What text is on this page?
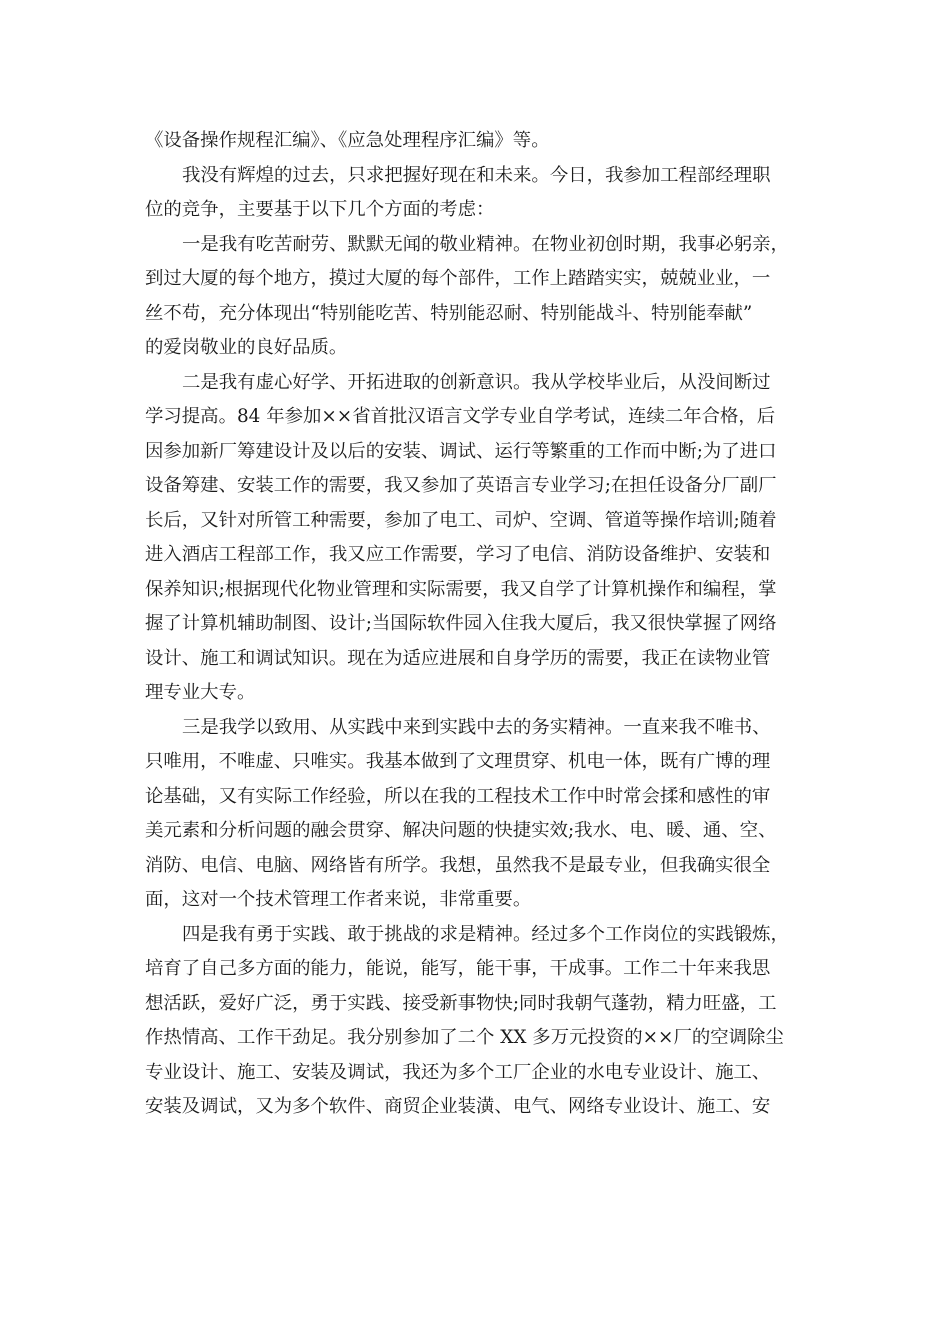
《设备操作规程汇编》、《应急处理程序汇编》等。
我没有辉煌的过去，只求把握好现在和未来。今日，我参加工程部经理职
位的竞争，主要基于以下几个方面的考虑：
一是我有吃苦耐劳、默默无闻的敬业精神。在物业初创时期，我事必躬亲，
到过大厦的每个地方，摸过大厦的每个部件，工作上踏踏实实，兢兢业业，一
丝不苟，充分体现出“特别能吃苦、特别能忍耐、特别能战斗、特别能奉献”
的爱岗敬业的良好品质。
二是我有虚心好学、开拓进取的创新意识。我从学校毕业后，从没间断过
学习提高。84 年参加××省首批汉语言文学专业自学考试，连续二年合格，后
因参加新厂筹建设计及以后的安装、调试、运行等繁重的工作而中断;为了进口
设备筹建、安装工作的需要，我又参加了英语言专业学习;在担任设备分厂副厂
长后，又针对所管工种需要，参加了电工、司炉、空调、管道等操作培训;随着
进入酒店工程部工作，我又应工作需要，学习了电信、消防设备维护、安装和
保养知识;根据现代化物业管理和实际需要，我又自学了计算机操作和编程，掌
握了计算机辅助制图、设计;当国际软件园入住我大厦后，我又很快掌握了网络
设计、施工和调试知识。现在为适应进展和自身学历的需要，我正在读物业管
理专业大专。
三是我学以致用、从实践中来到实践中去的务实精神。一直来我不唯书、
只唯用，不唯虚、只唯实。我基本做到了文理贯穿、机电一体，既有广博的理
论基础，又有实际工作经验，所以在我的工程技术工作中时常会揉和感性的审
美元素和分析问题的融会贯穿、解决问题的快捷实效;我水、电、暖、通、空、
消防、电信、电脑、网络皆有所学。我想，虽然我不是最专业，但我确实很全
面，这对一个技术管理工作者来说，非常重要。
四是我有勇于实践、敢于挑战的求是精神。经过多个工作岗位的实践锻炼，
培育了自己多方面的能力，能说，能写，能干事，干成事。工作二十年来我思
想活跃，爱好广泛，勇于实践、接受新事物快;同时我朝气蓬勃，精力旺盛，工
作热情高、工作干劲足。我分别参加了二个 XX 多万元投资的××厂的空调除尘
专业设计、施工、安装及调试，我还为多个工厂企业的水电专业设计、施工、
安装及调试，又为多个软件、商贸企业装潢、电气、网络专业设计、施工、安
